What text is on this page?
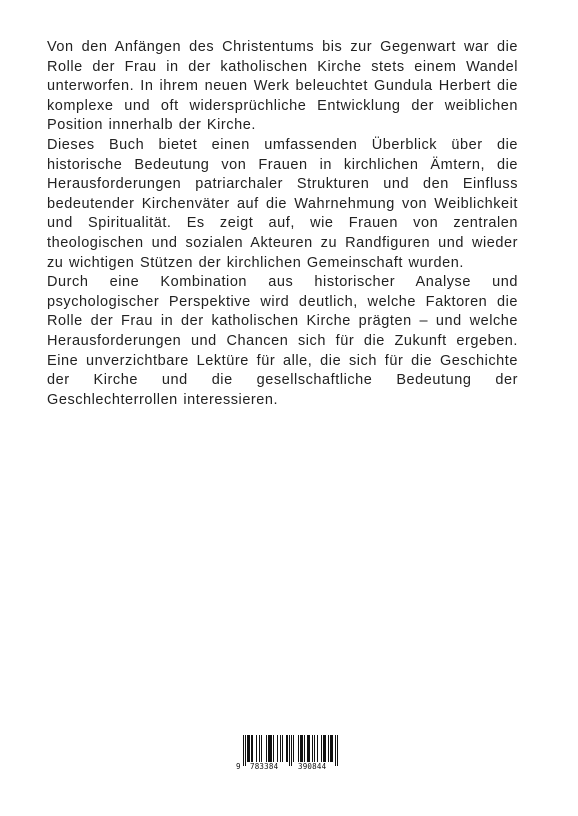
Von den Anfängen des Christentums bis zur Gegenwart war die Rolle der Frau in der katholischen Kirche stets einem Wandel unterworfen. In ihrem neuen Werk beleuchtet Gundula Herbert die komplexe und oft widersprüchliche Entwicklung der weiblichen Position innerhalb der Kirche.

Dieses Buch bietet einen umfassenden Überblick über die historische Bedeutung von Frauen in kirchlichen Ämtern, die Herausforderungen patriarchaler Strukturen und den Einfluss bedeutender Kirchenväter auf die Wahrnehmung von Weiblichkeit und Spiritualität. Es zeigt auf, wie Frauen von zentralen theologischen und sozialen Akteuren zu Randfiguren und wieder zu wichtigen Stützen der kirchlichen Gemeinschaft wurden.

Durch eine Kombination aus historischer Analyse und psychologischer Perspektive wird deutlich, welche Faktoren die Rolle der Frau in der katholischen Kirche prägten – und welche Herausforderungen und Chancen sich für die Zukunft ergeben. Eine unverzichtbare Lektüre für alle, die sich für die Geschichte der Kirche und die gesellschaftliche Bedeutung der Geschlechterrollen interessieren.

9 783384	390844
